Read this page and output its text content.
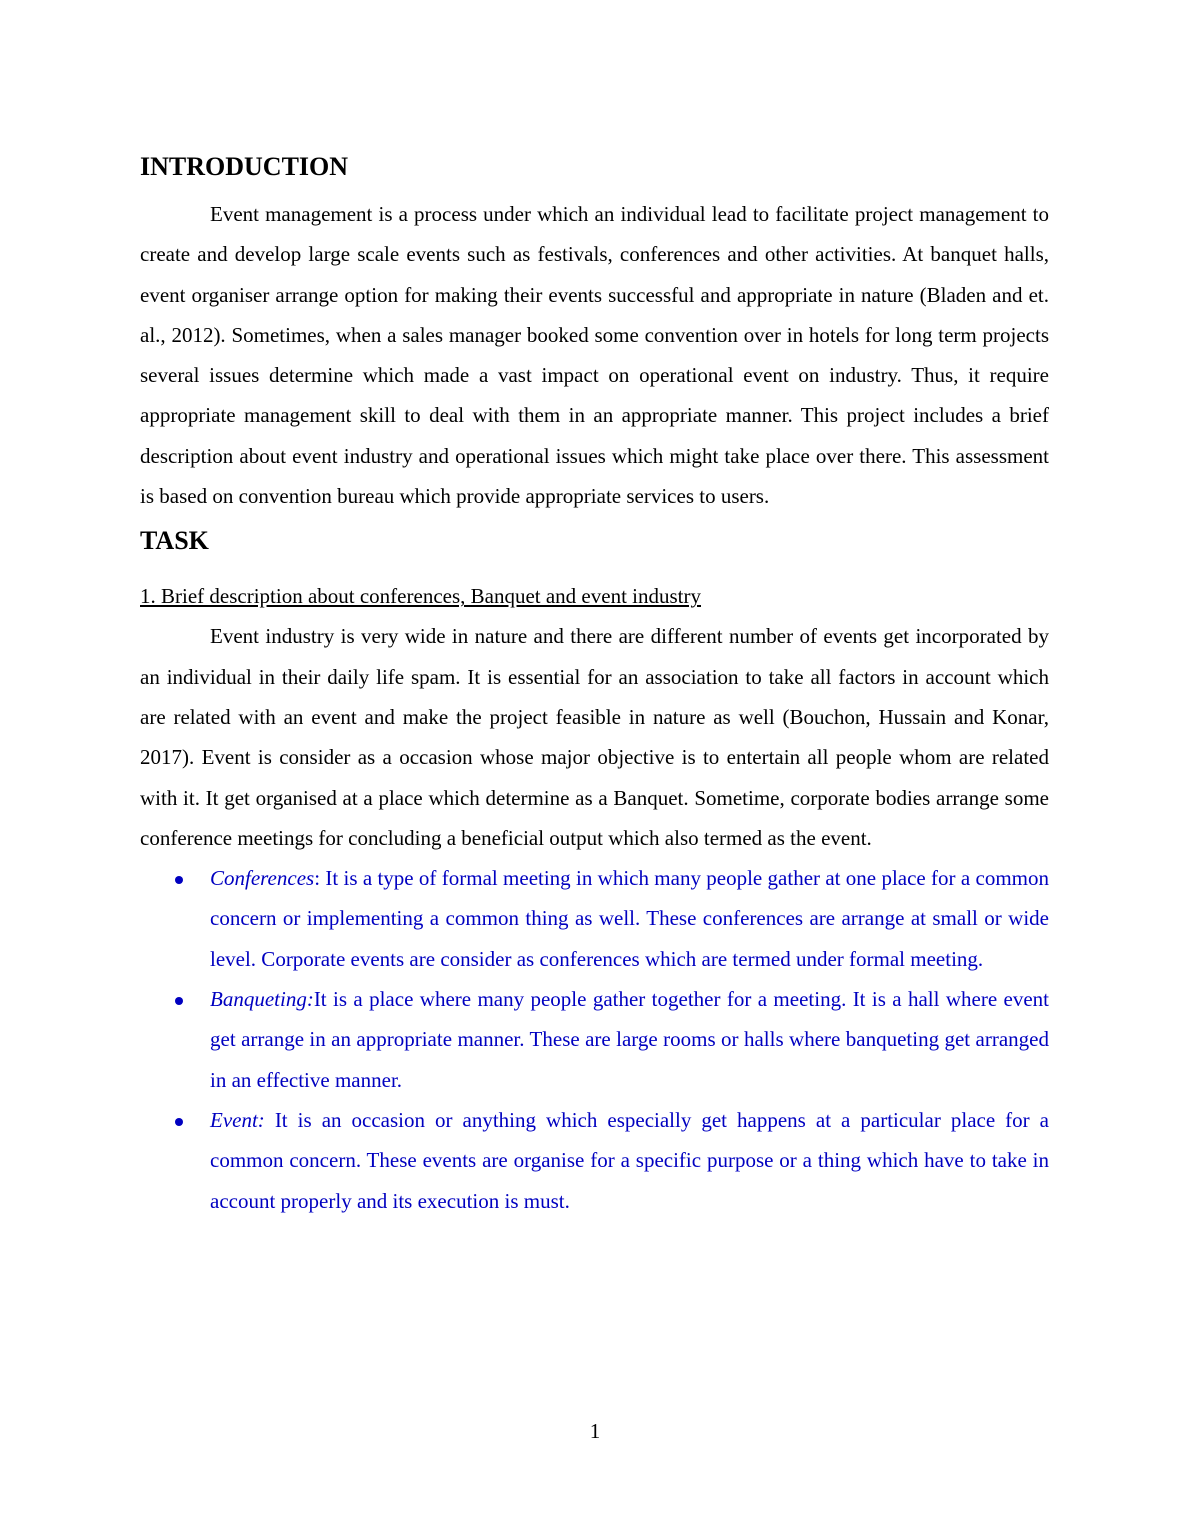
INTRODUCTION

Event management is a process under which an individual lead to facilitate project management to create and develop large scale events such as festivals, conferences and other activities. At banquet halls, event organiser arrange option for making their events successful and appropriate in nature (Bladen and et. al., 2012). Sometimes, when a sales manager booked some convention over in hotels for long term projects several issues determine which made a vast impact on operational event on industry. Thus, it require appropriate management skill to deal with them in an appropriate manner. This project includes a brief description about event industry and operational issues which might take place over there. This assessment is based on convention bureau which provide appropriate services to users.

TASK
1. Brief description about conferences, Banquet and event industry

Event industry is very wide in nature and there are different number of events get incorporated by an individual in their daily life spam. It is essential for an association to take all factors in account which are related with an event and make the project feasible in nature as well (Bouchon, Hussain and Konar, 2017). Event is consider as a occasion whose major objective is to entertain all people whom are related with it. It get organised at a place which determine as a Banquet. Sometime, corporate bodies arrange some conference meetings for concluding a beneficial output which also termed as the event.

Conferences: It is a type of formal meeting in which many people gather at one place for a common concern or implementing a common thing as well. These conferences are arrange at small or wide level. Corporate events are consider as conferences which are termed under formal meeting.
Banqueting:It is a place where many people gather together for a meeting. It is a hall where event get arrange in an appropriate manner. These are large rooms or halls where banqueting get arranged in an effective manner.
Event: It is an occasion or anything which especially get happens at a particular place for a common concern. These events are organise for a specific purpose or a thing which have to take in account properly and its execution is must.
1
